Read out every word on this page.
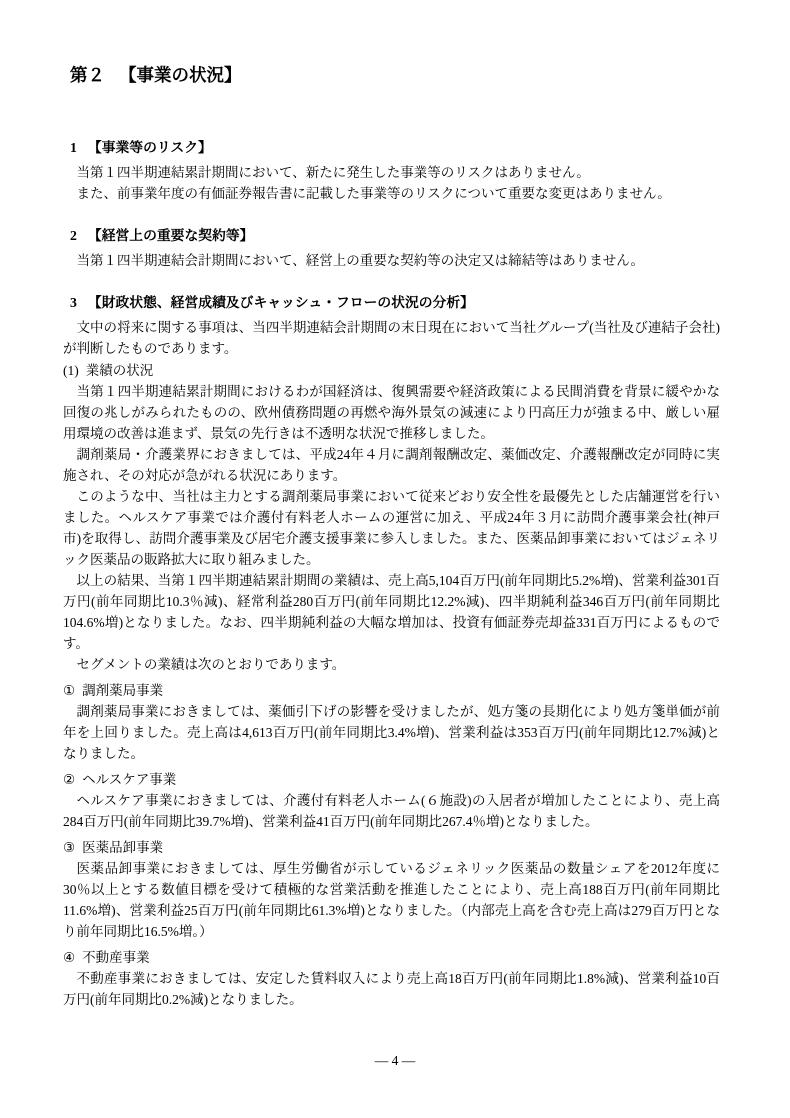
第２ 【事業の状況】
1 【事業等のリスク】

当第１四半期連結累計期間において、新たに発生した事業等のリスクはありません。

また、前事業年度の有価証券報告書に記載した事業等のリスクについて重要な変更はありません。

2 【経営上の重要な契約等】

当第１四半期連結会計期間において、経営上の重要な契約等の決定又は締結等はありません。

3 【財政状態、経営成績及びキャッシュ・フローの状況の分析】

文中の将来に関する事項は、当四半期連結会計期間の末日現在において当社グループ(当社及び連結子会社)が判断したものであります。

(1) 業績の状況

当第１四半期連結累計期間におけるわが国経済は、復興需要や経済政策による民間消費を背景に緩やかな回復の兆しがみられたものの、欧州債務問題の再燃や海外景気の減速により円高圧力が強まる中、厳しい雇用環境の改善は進まず、景気の先行きは不透明な状況で推移しました。

調剤薬局・介護業界におきましては、平成24年４月に調剤報酬改定、薬価改定、介護報酬改定が同時に実施され、その対応が急がれる状況にあります。

このような中、当社は主力とする調剤薬局事業において従来どおり安全性を最優先とした店舗運営を行いました。ヘルスケア事業では介護付有料老人ホームの運営に加え、平成24年３月に訪問介護事業会社(神戸市)を取得し、訪問介護事業及び居宅介護支援事業に参入しました。また、医薬品卸事業においてはジェネリック医薬品の販路拡大に取り組みました。

以上の結果、当第１四半期連結累計期間の業績は、売上高5,104百万円(前年同期比5.2%増)、営業利益301百万円(前年同期比10.3％減)、経常利益280百万円(前年同期比12.2%減)、四半期純利益346百万円(前年同期比104.6%増)となりました。なお、四半期純利益の大幅な増加は、投資有価証券売却益331百万円によるものです。

セグメントの業績は次のとおりであります。

① 調剤薬局事業

調剤薬局事業におきましては、薬価引下げの影響を受けましたが、処方箋の長期化により処方箋単価が前年を上回りました。売上高は4,613百万円(前年同期比3.4%増)、営業利益は353百万円(前年同期比12.7%減)となりました。

② ヘルスケア事業

ヘルスケア事業におきましては、介護付有料老人ホーム(６施設)の入居者が増加したことにより、売上高284百万円(前年同期比39.7%増)、営業利益41百万円(前年同期比267.4％増)となりました。

③ 医薬品卸事業

医薬品卸事業におきましては、厚生労働省が示しているジェネリック医薬品の数量シェアを2012年度に30％以上とする数値目標を受けて積極的な営業活動を推進したことにより、売上高188百万円(前年同期比11.6%増)、営業利益25百万円(前年同期比61.3%増)となりました。（内部売上高を含む売上高は279百万円となり前年同期比16.5%増。）

④ 不動産事業

不動産事業におきましては、安定した賃料収入により売上高18百万円(前年同期比1.8%減)、営業利益10百万円(前年同期比0.2%減)となりました。

― 4 ―
